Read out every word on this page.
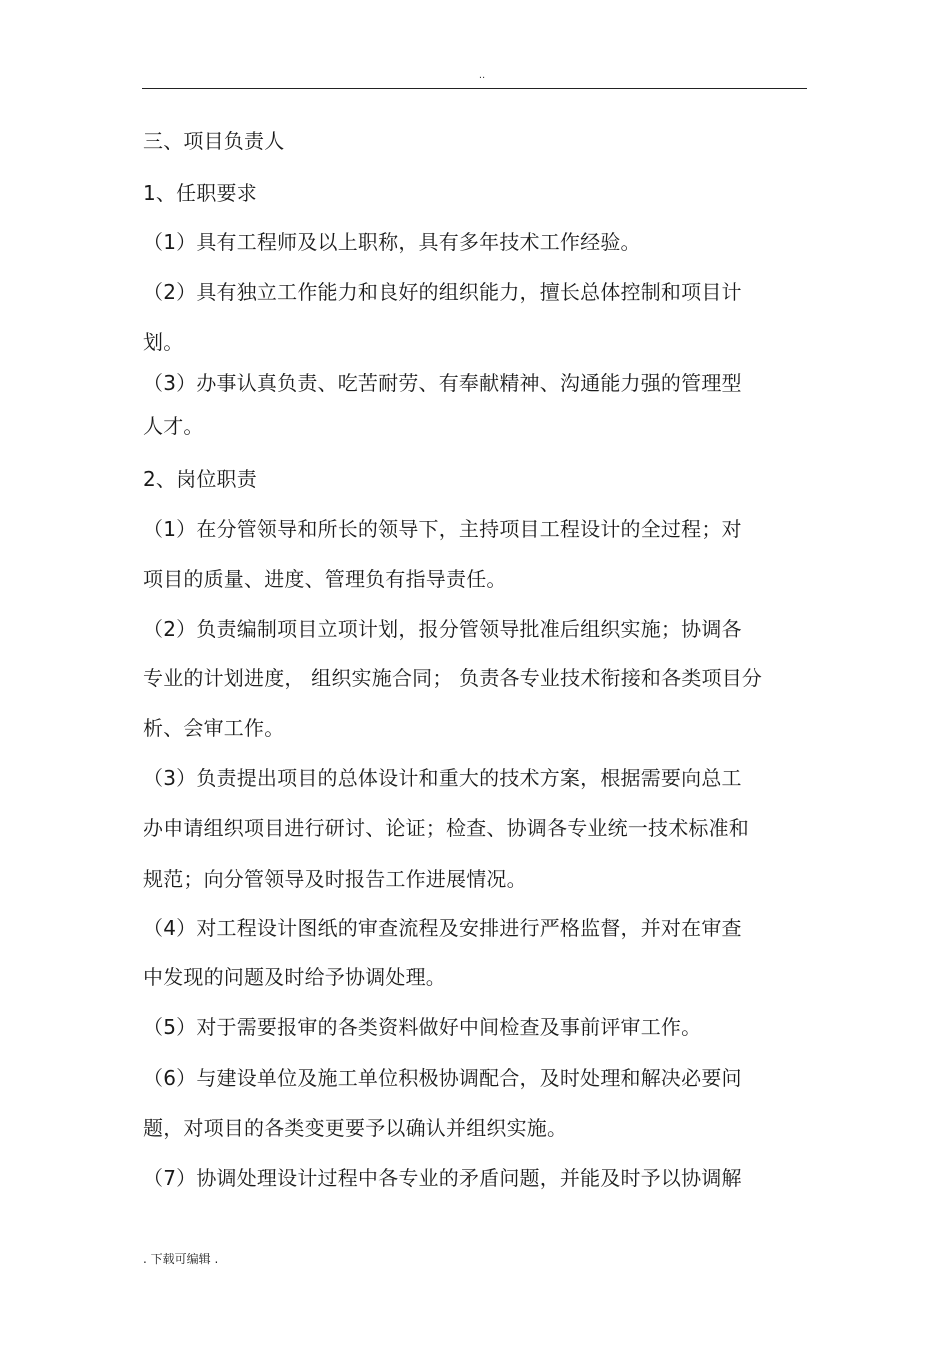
..
三、项目负责人
1、任职要求
（1）具有工程师及以上职称，具有多年技术工作经验。
（2）具有独立工作能力和良好的组织能力，擅长总体控制和项目计
划。
（3）办事认真负责、吃苦耐劳、有奉献精神、沟通能力强的管理型
人才。
2、岗位职责
（1）在分管领导和所长的领导下，主持项目工程设计的全过程；对
项目的质量、进度、管理负有指导责任。
（2）负责编制项目立项计划，报分管领导批准后组织实施；协调各
专业的计划进度， 组织实施合同； 负责各专业技术衔接和各类项目分
析、会审工作。
（3）负责提出项目的总体设计和重大的技术方案，根据需要向总工
办申请组织项目进行研讨、论证；检查、协调各专业统一技术标准和
规范；向分管领导及时报告工作进展情况。
（4）对工程设计图纸的审查流程及安排进行严格监督，并对在审查
中发现的问题及时给予协调处理。
（5）对于需要报审的各类资料做好中间检查及事前评审工作。
（6）与建设单位及施工单位积极协调配合，及时处理和解决必要问
题，对项目的各类变更要予以确认并组织实施。
（7）协调处理设计过程中各专业的矛盾问题，并能及时予以协调解
. 下载可编辑 .
